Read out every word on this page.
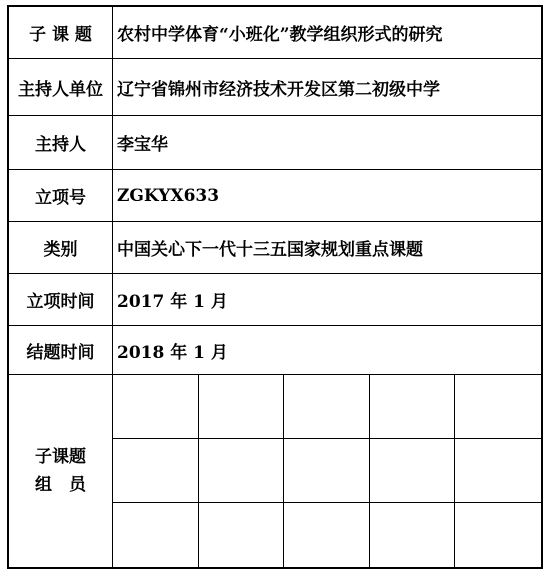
子 课 题	农村中学体育“小班化”教学组织形式的研究
主持人单位 辽宁省锦州市经济技术开发区第二初级中学
主持人	李宝华
立项号	ZGKYX633
类别	中国关心下一代十三五国家规划重点课题
立项时间	2017 年 1 月
结题时间	2018 年 1 月
子课题
组　员
